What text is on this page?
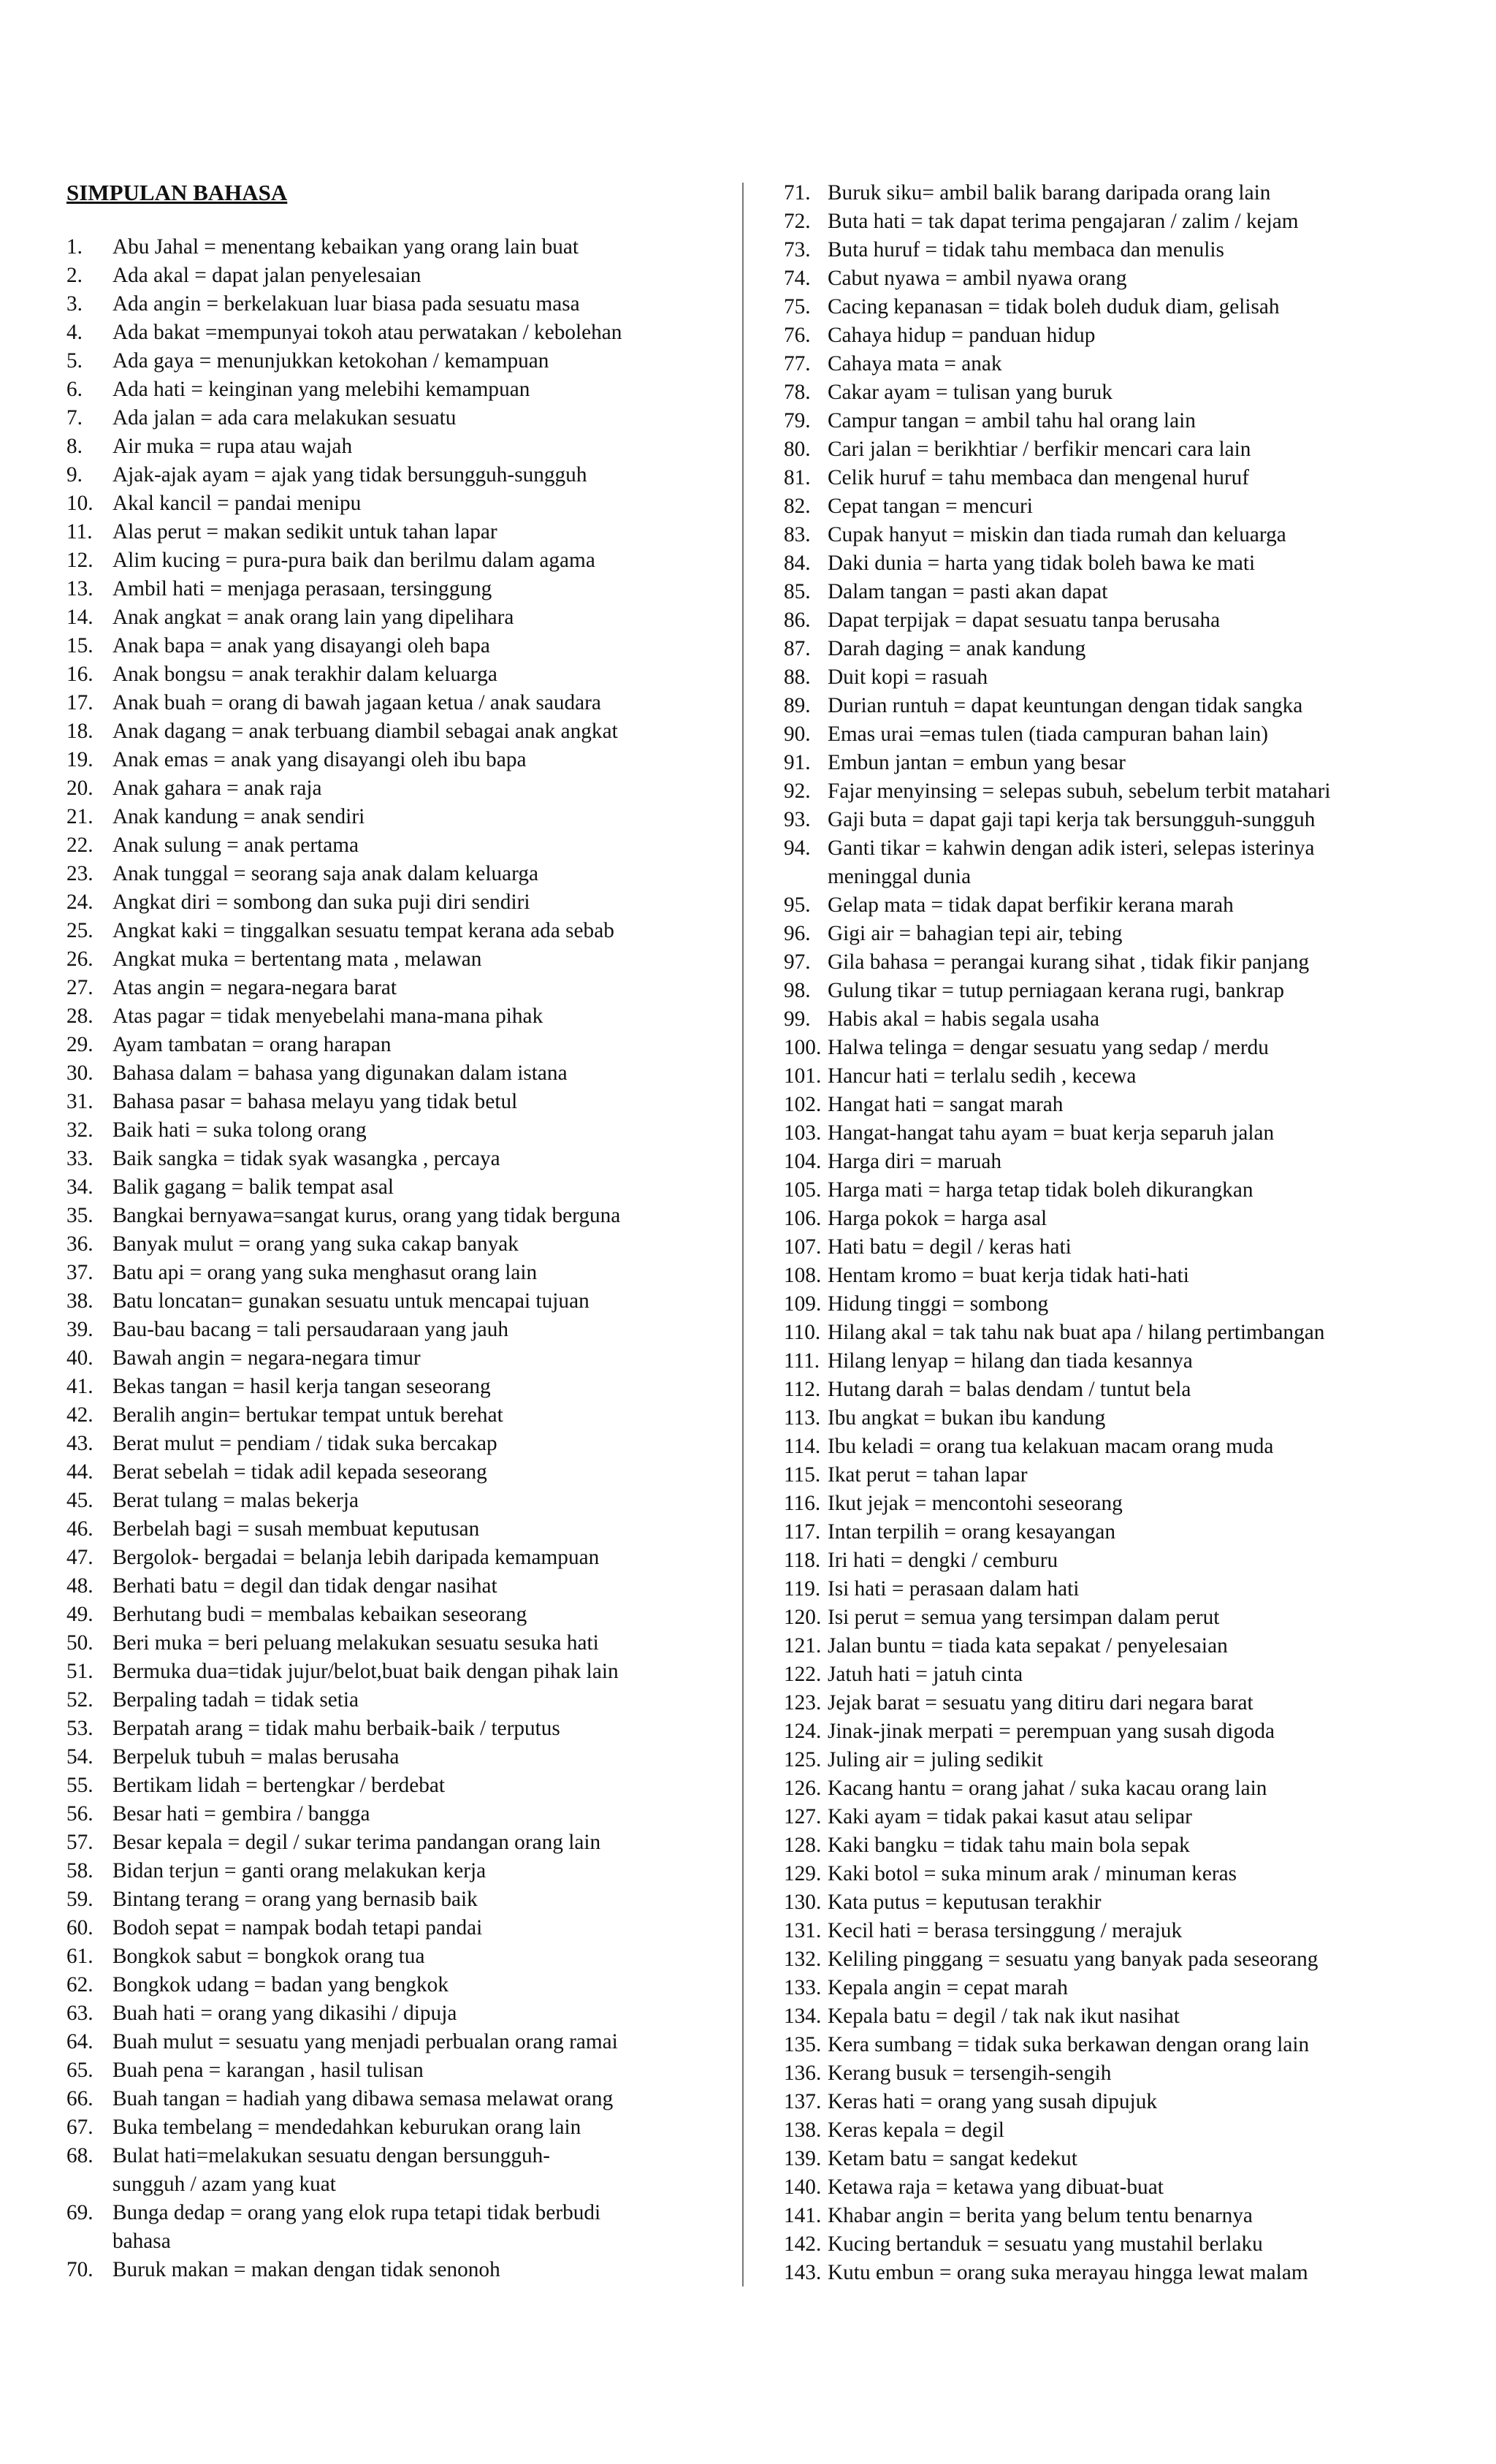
SIMPULAN BAHASA
1. Abu Jahal = menentang kebaikan yang orang lain buat
2. Ada akal = dapat jalan penyelesaian
3. Ada angin = berkelakuan luar biasa pada sesuatu masa
4. Ada bakat =mempunyai tokoh atau perwatakan / kebolehan
5. Ada gaya = menunjukkan ketokohan / kemampuan
6. Ada hati = keinginan yang melebihi kemampuan
7. Ada jalan = ada cara melakukan sesuatu
8. Air muka = rupa atau wajah
9. Ajak-ajak ayam = ajak yang tidak bersungguh-sungguh
10. Akal kancil = pandai menipu
11. Alas perut = makan sedikit untuk tahan lapar
12. Alim kucing = pura-pura baik dan berilmu dalam agama
13. Ambil hati = menjaga perasaan, tersinggung
14. Anak angkat = anak orang lain yang dipelihara
15. Anak bapa = anak yang disayangi oleh bapa
16. Anak bongsu = anak terakhir dalam keluarga
17. Anak buah = orang di bawah jagaan ketua / anak saudara
18. Anak dagang = anak terbuang diambil sebagai anak angkat
19. Anak emas = anak yang disayangi oleh ibu bapa
20. Anak gahara = anak raja
21. Anak kandung = anak sendiri
22. Anak sulung = anak pertama
23. Anak tunggal = seorang saja anak dalam keluarga
24. Angkat diri = sombong dan suka puji diri sendiri
25. Angkat kaki = tinggalkan sesuatu tempat kerana ada sebab
26. Angkat muka = bertentang mata , melawan
27. Atas angin = negara-negara barat
28. Atas pagar = tidak menyebelahi mana-mana pihak
29. Ayam tambatan = orang harapan
30. Bahasa dalam = bahasa yang digunakan dalam istana
31. Bahasa pasar = bahasa melayu yang tidak betul
32. Baik hati = suka tolong orang
33. Baik sangka = tidak syak wasangka , percaya
34. Balik gagang = balik tempat asal
35. Bangkai bernyawa=sangat kurus, orang yang tidak berguna
36. Banyak mulut = orang yang suka cakap banyak
37. Batu api = orang yang suka menghasut orang lain
38. Batu loncatan= gunakan sesuatu untuk mencapai tujuan
39. Bau-bau bacang = tali persaudaraan yang jauh
40. Bawah angin = negara-negara timur
41. Bekas tangan = hasil kerja tangan seseorang
42. Beralih angin= bertukar tempat untuk berehat
43. Berat mulut = pendiam / tidak suka bercakap
44. Berat sebelah = tidak adil kepada seseorang
45. Berat tulang = malas bekerja
46. Berbelah bagi = susah membuat keputusan
47. Bergolok- bergadai = belanja lebih daripada kemampuan
48. Berhati batu = degil dan tidak dengar nasihat
49. Berhutang budi = membalas kebaikan seseorang
50. Beri muka = beri peluang melakukan sesuatu sesuka hati
51. Bermuka dua=tidak jujur/belot,buat baik dengan pihak lain
52. Berpaling tadah = tidak setia
53. Berpatah arang = tidak mahu berbaik-baik / terputus
54. Berpeluk tubuh = malas berusaha
55. Bertikam lidah = bertengkar / berdebat
56. Besar hati = gembira / bangga
57. Besar kepala = degil / sukar terima pandangan orang lain
58. Bidan terjun = ganti orang melakukan kerja
59. Bintang terang = orang yang bernasib baik
60. Bodoh sepat = nampak bodah tetapi pandai
61. Bongkok sabut = bongkok orang tua
62. Bongkok udang = badan yang bengkok
63. Buah hati = orang yang dikasihi / dipuja
64. Buah mulut = sesuatu yang menjadi perbualan orang ramai
65. Buah pena = karangan , hasil tulisan
66. Buah tangan = hadiah yang dibawa semasa melawat orang
67. Buka tembelang = mendedahkan keburukan orang lain
68. Bulat hati=melakukan sesuatu dengan bersungguh-
sungguh / azam yang kuat
69. Bunga dedap = orang yang elok rupa tetapi tidak berbudi
bahasa
70. Buruk makan = makan dengan tidak senonoh
71. Buruk siku= ambil balik barang daripada orang lain
72. Buta hati = tak dapat terima pengajaran / zalim / kejam
73. Buta huruf = tidak tahu membaca dan menulis
74. Cabut nyawa = ambil nyawa orang
75. Cacing kepanasan = tidak boleh duduk diam, gelisah
76. Cahaya hidup = panduan hidup
77. Cahaya mata = anak
78. Cakar ayam = tulisan yang buruk
79. Campur tangan = ambil tahu hal orang lain
80. Cari jalan = berikhtiar / berfikir mencari cara lain
81. Celik huruf = tahu membaca dan mengenal huruf
82. Cepat tangan = mencuri
83. Cupak hanyut = miskin dan tiada rumah dan keluarga
84. Daki dunia = harta yang tidak boleh bawa ke mati
85. Dalam tangan = pasti akan dapat
86. Dapat terpijak = dapat sesuatu tanpa berusaha
87. Darah daging = anak kandung
88. Duit kopi = rasuah
89. Durian runtuh = dapat keuntungan dengan tidak sangka
90. Emas urai =emas tulen (tiada campuran bahan lain)
91. Embun jantan = embun yang besar
92. Fajar menyinsing = selepas subuh, sebelum terbit matahari
93. Gaji buta = dapat gaji tapi kerja tak bersungguh-sungguh
94. Ganti tikar = kahwin dengan adik isteri, selepas isterinya
meninggal dunia
95. Gelap mata = tidak dapat berfikir kerana marah
96. Gigi air = bahagian tepi air, tebing
97. Gila bahasa = perangai kurang sihat , tidak fikir panjang
98. Gulung tikar = tutup perniagaan kerana rugi, bankrap
99. Habis akal = habis segala usaha
100. Halwa telinga = dengar sesuatu yang sedap / merdu
101. Hancur hati = terlalu sedih , kecewa
102. Hangat hati = sangat marah
103. Hangat-hangat tahu ayam = buat kerja separuh jalan
104. Harga diri = maruah
105. Harga mati = harga tetap tidak boleh dikurangkan
106. Harga pokok = harga asal
107. Hati batu = degil / keras hati
108. Hentam kromo = buat kerja tidak hati-hati
109. Hidung tinggi = sombong
110. Hilang akal = tak tahu nak buat apa / hilang pertimbangan
111. Hilang lenyap = hilang dan tiada kesannya
112. Hutang darah = balas dendam / tuntut bela
113. Ibu angkat = bukan ibu kandung
114. Ibu keladi = orang tua kelakuan macam orang muda
115. Ikat perut = tahan lapar
116. Ikut jejak = mencontohi seseorang
117. Intan terpilih = orang kesayangan
118. Iri hati = dengki / cemburu
119. Isi hati = perasaan dalam hati
120. Isi perut = semua yang tersimpan dalam perut
121. Jalan buntu = tiada kata sepakat / penyelesaian
122. Jatuh hati = jatuh cinta
123. Jejak barat = sesuatu yang ditiru dari negara barat
124. Jinak-jinak merpati = perempuan yang susah digoda
125. Juling air = juling sedikit
126. Kacang hantu = orang jahat / suka kacau orang lain
127. Kaki ayam = tidak pakai kasut atau selipar
128. Kaki bangku = tidak tahu main bola sepak
129. Kaki botol = suka minum arak / minuman keras
130. Kata putus = keputusan terakhir
131. Kecil hati = berasa tersinggung / merajuk
132. Keliling pinggang = sesuatu yang banyak pada seseorang
133. Kepala angin = cepat marah
134. Kepala batu = degil / tak nak ikut nasihat
135. Kera sumbang = tidak suka berkawan dengan orang lain
136. Kerang busuk = tersengih-sengih
137. Keras hati = orang yang susah dipujuk
138. Keras kepala = degil
139. Ketam batu = sangat kedekut
140. Ketawa raja = ketawa yang dibuat-buat
141. Khabar angin = berita yang belum tentu benarnya
142. Kucing bertanduk = sesuatu yang mustahil berlaku
143. Kutu embun = orang suka merayau hingga lewat malam
